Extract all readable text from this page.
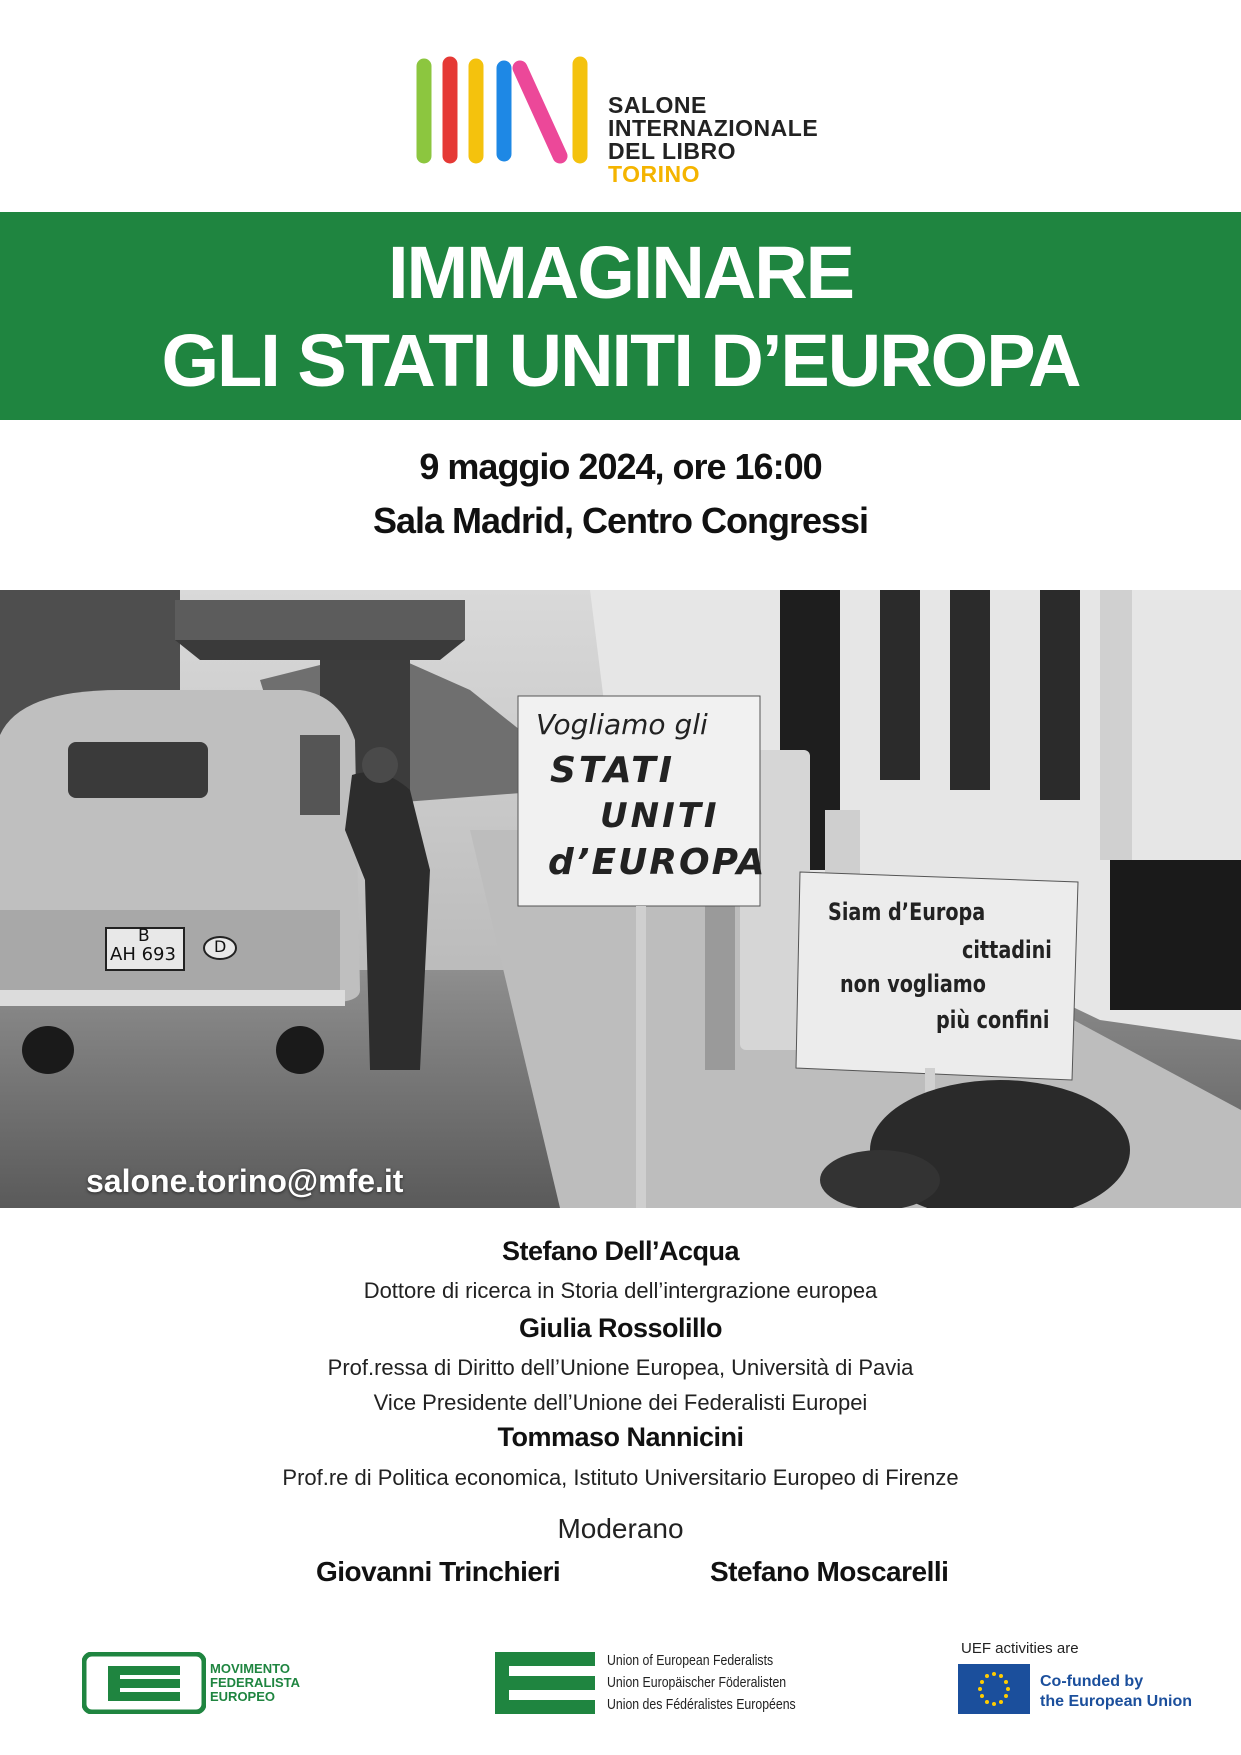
SALONE
INTERNAZIONALE
DEL LIBRO TORINO
IMMAGINARE
GLI STATI UNITI D’EUROPA
9 maggio 2024, ore 16:00
Sala Madrid, Centro Congressi
Vogliamo gli
STATI
UNITI
d’EUROPA
Siam d’Europa
cittadini
non vogliamo
più confini
B
AH 693 D
salone.torino@mfe.it
Stefano Dell’Acqua
Dottore di ricerca in Storia dell’intergrazione europea
Giulia Rossolillo
Prof.ressa di Diritto dell’Unione Europea, Università di Pavia
Vice Presidente dell’Unione dei Federalisti Europei
Tommaso Nannicini
Prof.re di Politica economica, Istituto Universitario Europeo di Firenze
Moderano
Giovanni Trinchieri	Stefano Moscarelli
MOVIMENTO
FEDERALISTA
EUROPEO
Union of European Federalists
Union Europäischer Föderalisten
Union des Fédéralistes Européens
UEF activities are
Co-funded by
the European Union
